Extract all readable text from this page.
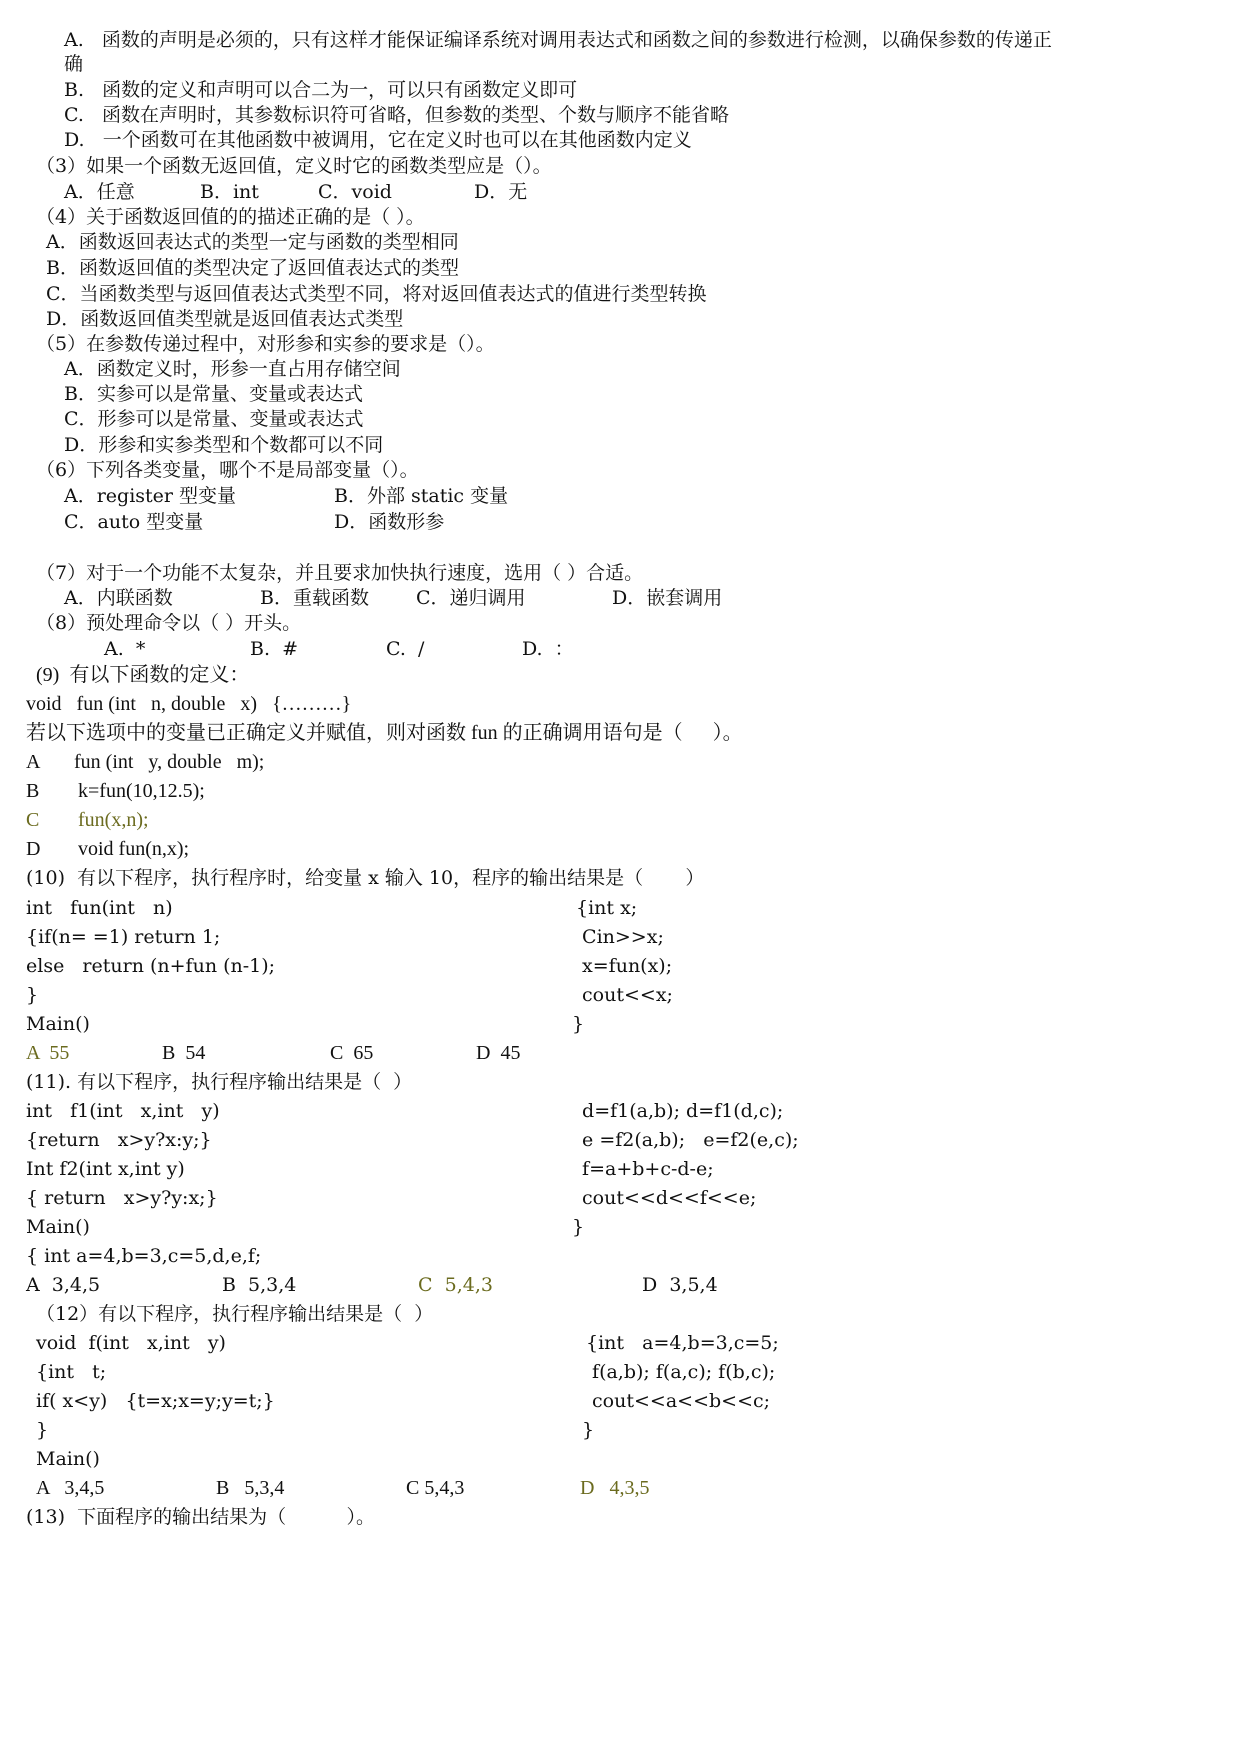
A.   函数的声明是必须的，只有这样才能保证编译系统对调用表达式和函数之间的参数进行检测，以确保参数的传递正
确
B.   函数的定义和声明可以合二为一，可以只有函数定义即可
C.   函数在声明时，其参数标识符可省略，但参数的类型、个数与顺序不能省略
D.   一个函数可在其他函数中被调用，它在定义时也可以在其他函数内定义
（3）如果一个函数无返回值，定义时它的函数类型应是（）。
A．任意	B．int	C．void	D．无
（4）关于函数返回值的的描述正确的是（ ）。
A．函数返回表达式的类型一定与函数的类型相同
B．函数返回值的类型决定了返回值表达式的类型
C．当函数类型与返回值表达式类型不同，将对返回值表达式的值进行类型转换
D．函数返回值类型就是返回值表达式类型
（5）在参数传递过程中，对形参和实参的要求是（）。
A．函数定义时，形参一直占用存储空间
B．实参可以是常量、变量或表达式
C．形参可以是常量、变量或表达式
D．形参和实参类型和个数都可以不同
（6）下列各类变量，哪个不是局部变量（）。
A．register 型变量	B．外部 static 变量
C．auto 型变量	D．函数形参
（7）对于一个功能不太复杂，并且要求加快执行速度，选用（ ）合适。
A．内联函数	B．重载函数 C．递归调用	D．嵌套调用
（8）预处理命令以（ ）开头。
A.  *	B.  #	C.  /	D.  ：
(9)  有以下函数的定义：
void   fun (int   n, double   x)   {………}
若以下选项中的变量已正确定义并赋值，则对函数 fun 的正确调用语句是（      ）。
A fun (int   y, double   m);
B k=fun(10,12.5);
C fun(x,n);
D void fun(n,x);
(10)  有以下程序，执行程序时，给变量 x 输入 10，程序的输出结果是（       ）
int   fun(int   n)
{if(n= =1) return 1;
else   return (n+fun (n-1);
}
Main()
{int x;
Cin>>x;
x=fun(x);
cout<<x;
}
A  55	B  54	C  65	D  45
(11). 有以下程序，执行程序输出结果是（  ）
int   f1(int   x,int   y)
{return   x>y?x:y;}
Int f2(int x,int y)
{ return   x>y?y:x;}
Main()
{ int a=4,b=3,c=5,d,e,f;
d=f1(a,b); d=f1(d,c);
e =f2(a,b);   e=f2(e,c);
f=a+b+c-d-e;
cout<<d<<f<<e;
}
A  3,4,5	B  5,3,4	C  5,4,3	D  3,5,4
（12）有以下程序，执行程序输出结果是（  ）
void  f(int   x,int   y)
{int   t;
if( x<y)   {t=x;x=y;y=t;}
}
Main()
{int   a=4,b=3,c=5;
f(a,b); f(a,c); f(b,c);
cout<<a<<b<<c;
}
A   3,4,5	B   5,3,4	C 5,4,3	D   4,3,5
(13)  下面程序的输出结果为（          ）。
